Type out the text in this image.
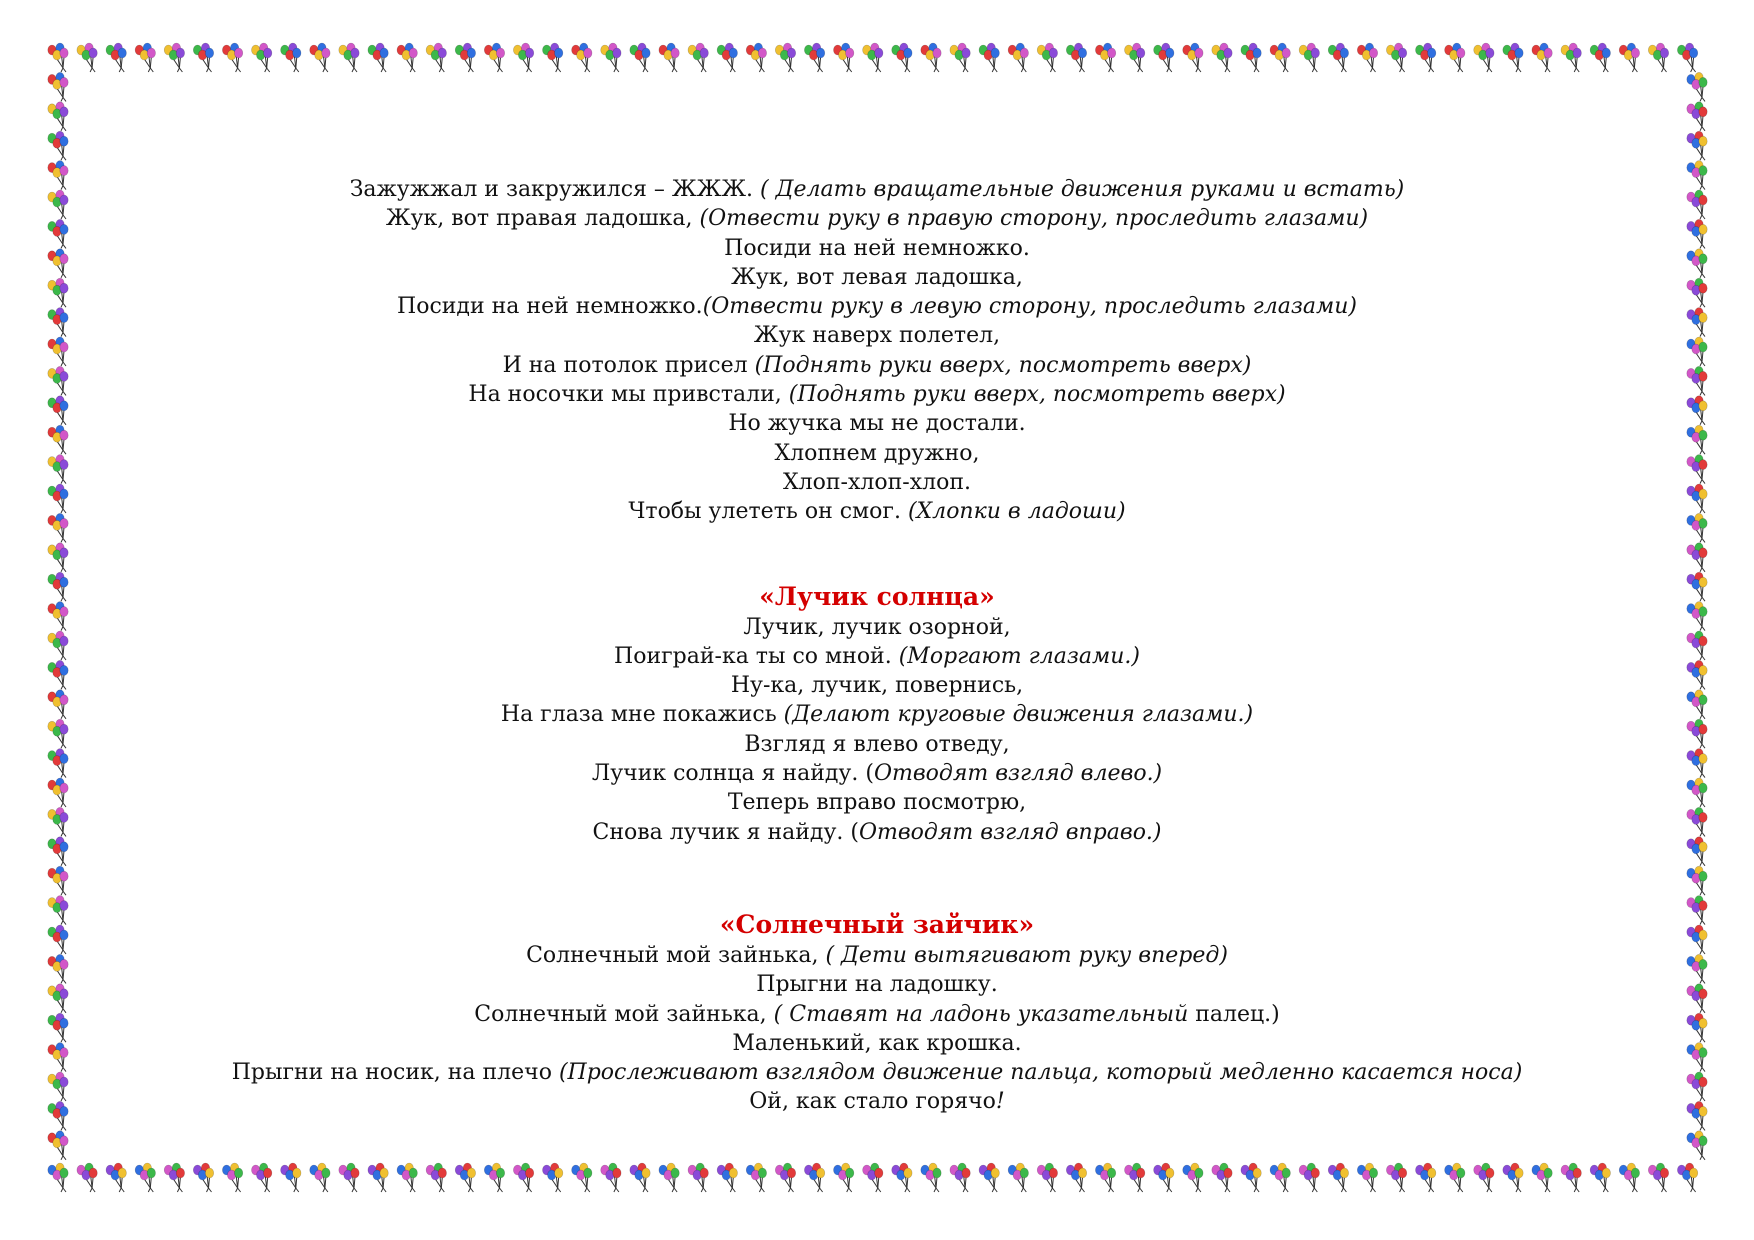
Зажужжал и закружился – ЖЖЖ. ( Делать вращательные движения руками и встать)
Жук, вот правая ладошка, (Отвести руку в правую сторону, проследить глазами)
Посиди на ней немножко.
Жук, вот левая ладошка,
Посиди на ней немножко.(Отвести руку в левую сторону, проследить глазами)
Жук наверх полетел,
И на потолок присел (Поднять руки вверх, посмотреть вверх)
На носочки мы привстали, (Поднять руки вверх, посмотреть вверх)
Но жучка мы не достали.
Хлопнем дружно,
Хлоп-хлоп-хлоп.
Чтобы улететь он смог. (Хлопки в ладоши)
«Лучик солнца»
Лучик, лучик озорной,
Поиграй-ка ты со мной. (Моргают глазами.)
Ну-ка, лучик, повернись,
На глаза мне покажись (Делают круговые движения глазами.)
Взгляд я влево отведу,
Лучик солнца я найду. (Отводят взгляд влево.)
Теперь вправо посмотрю,
Снова лучик я найду. (Отводят взгляд вправо.)
«Солнечный зайчик»
Солнечный мой зайнька, ( Дети вытягивают руку вперед)
Прыгни на ладошку.
Солнечный мой зайнька, ( Ставят на ладонь указательный палец.)
Маленький, как крошка.
Прыгни на носик, на плечо (Прослеживают взглядом движение пальца, который медленно касается носа)
Ой, как стало горячо!
